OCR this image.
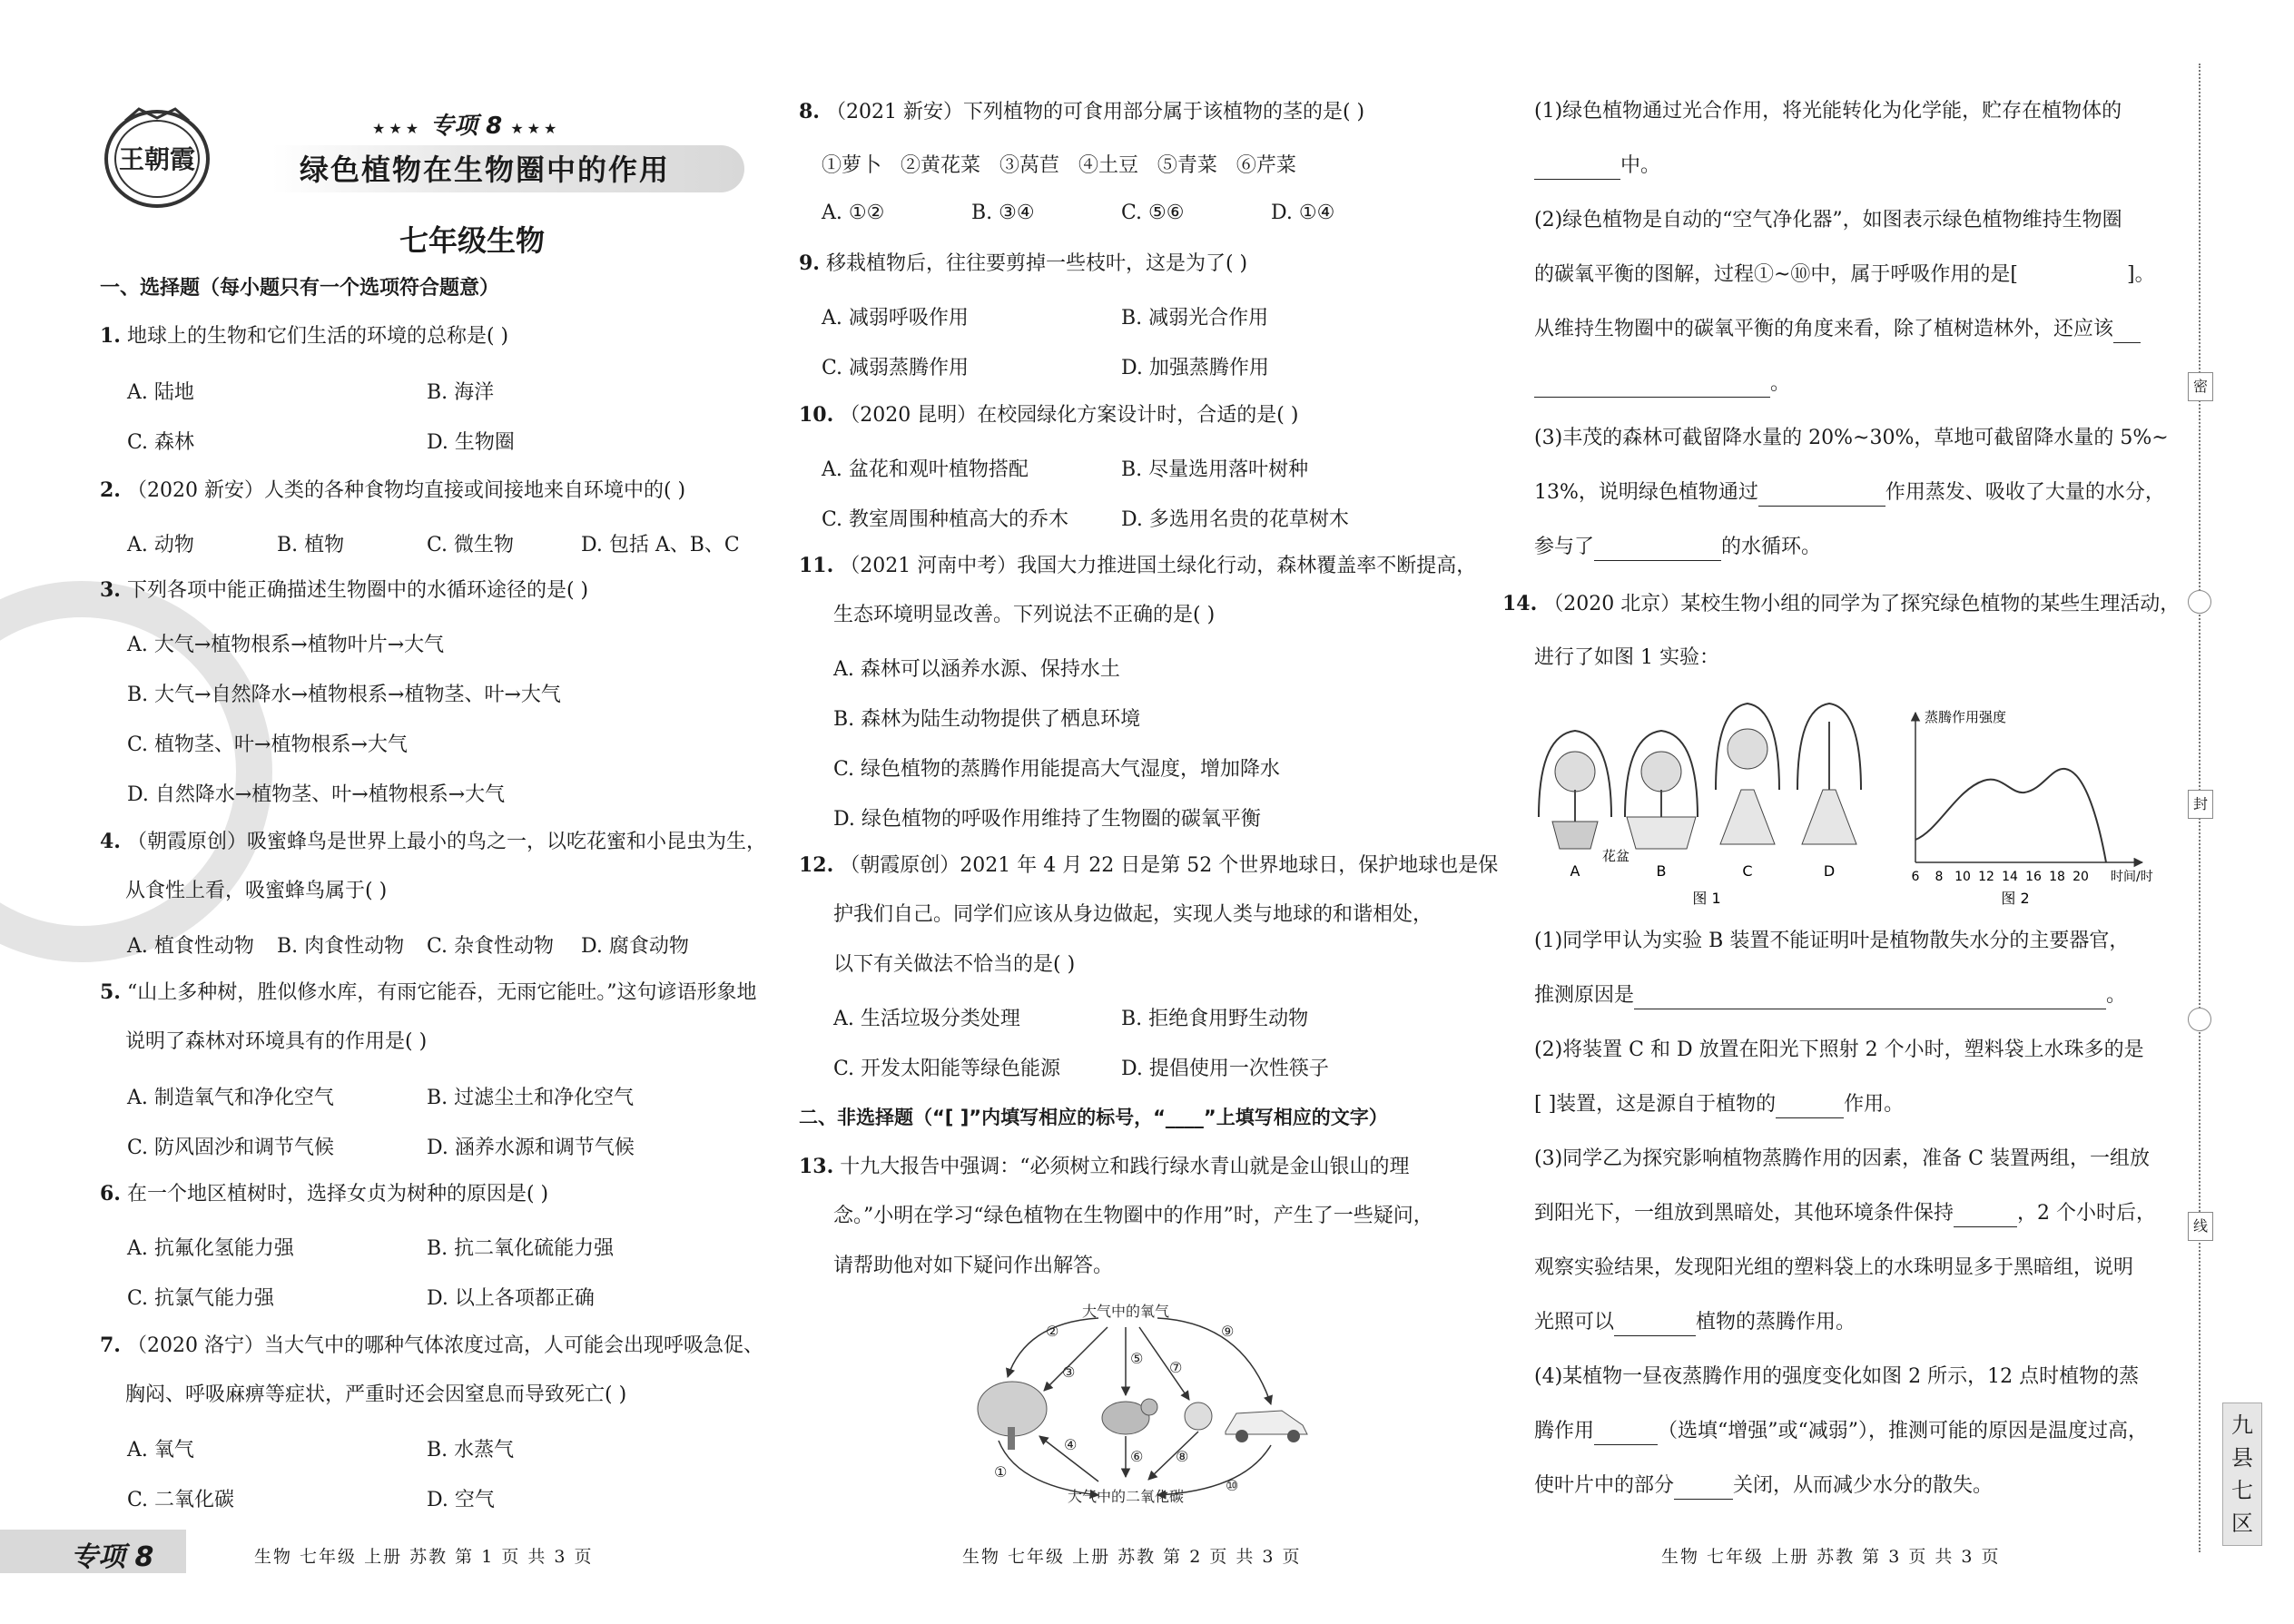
王朝霞
★★★ 专项 8 ★★★
绿色植物在生物圈中的作用
七年级生物
一、选择题（每小题只有一个选项符合题意）
1. 地球上的生物和它们生活的环境的总称是( )
A. 陆地	B. 海洋
C. 森林	D. 生物圈
2. （2020 新安）人类的各种食物均直接或间接地来自环境中的( )
A. 动物	B. 植物	C. 微生物	D. 包括 A、B、C
3. 下列各项中能正确描述生物圈中的水循环途径的是( )
A. 大气→植物根系→植物叶片→大气
B. 大气→自然降水→植物根系→植物茎、叶→大气
C. 植物茎、叶→植物根系→大气
D. 自然降水→植物茎、叶→植物根系→大气
4. （朝霞原创）吸蜜蜂鸟是世界上最小的鸟之一，以吃花蜜和小昆虫为生，
从食性上看，吸蜜蜂鸟属于( )
A. 植食性动物 B. 肉食性动物 C. 杂食性动物 D. 腐食动物
5. “山上多种树，胜似修水库，有雨它能吞，无雨它能吐。”这句谚语形象地
说明了森林对环境具有的作用是( )
A. 制造氧气和净化空气	B. 过滤尘土和净化空气
C. 防风固沙和调节气候	D. 涵养水源和调节气候
6. 在一个地区植树时，选择女贞为树种的原因是( )
A. 抗氟化氢能力强	B. 抗二氧化硫能力强
C. 抗氯气能力强	D. 以上各项都正确
7. （2020 洛宁）当大气中的哪种气体浓度过高，人可能会出现呼吸急促、
胸闷、呼吸麻痹等症状，严重时还会因窒息而导致死亡( )
A. 氧气	B. 水蒸气
C. 二氧化碳	D. 空气
8. （2021 新安）下列植物的可食用部分属于该植物的茎的是( )
①萝卜   ②黄花菜   ③莴苣   ④土豆   ⑤青菜   ⑥芹菜
A. ①②	B. ③④	C. ⑤⑥	D. ①④
9. 移栽植物后，往往要剪掉一些枝叶，这是为了( )
A. 减弱呼吸作用	B. 减弱光合作用
C. 减弱蒸腾作用	D. 加强蒸腾作用
10. （2020 昆明）在校园绿化方案设计时，合适的是( )
A. 盆花和观叶植物搭配	B. 尽量选用落叶树种
C. 教室周围种植高大的乔木	D. 多选用名贵的花草树木
11. （2021 河南中考）我国大力推进国土绿化行动，森林覆盖率不断提高，
生态环境明显改善。下列说法不正确的是( )
A. 森林可以涵养水源、保持水土
B. 森林为陆生动物提供了栖息环境
C. 绿色植物的蒸腾作用能提高大气湿度，增加降水
D. 绿色植物的呼吸作用维持了生物圈的碳氧平衡
12. （朝霞原创）2021 年 4 月 22 日是第 52 个世界地球日，保护地球也是保
护我们自己。同学们应该从身边做起，实现人类与地球的和谐相处，
以下有关做法不恰当的是( )
A. 生活垃圾分类处理	B. 拒绝食用野生动物
C. 开发太阳能等绿色能源	D. 提倡使用一次性筷子
二、非选择题（“[ ]”内填写相应的标号，“____”上填写相应的文字）
13. 十九大报告中强调：“必须树立和践行绿水青山就是金山银山的理
念。”小明在学习“绿色植物在生物圈中的作用”时，产生了一些疑问，
请帮助他对如下疑问作出解答。
大气中的氧气
大气中的二氧化碳
②
③
⑤
⑦
⑨
①
④
⑥ ⑧
⑩
(1)绿色植物通过光合作用，将光能转化为化学能，贮存在植物体的
中。
(2)绿色植物是自动的“空气净化器”，如图表示绿色植物维持生物圈
的碳氧平衡的图解，过程①~⑩中，属于呼吸作用的是[	]。
从维持生物圈中的碳氧平衡的角度来看，除了植树造林外，还应该
。
(3)丰茂的森林可截留降水量的 20%~30%，草地可截留降水量的 5%~
13%，说明绿色植物通过	作用蒸发、吸收了大量的水分，
参与了	的水循环。
14. （2020 北京）某校生物小组的同学为了探究绿色植物的某些生理活动，
进行了如图 1 实验：
A
花盆
B	C	D
图 1
蒸腾作用强度
6 8 10 12 14 16 18 20 时间/时
图 2
(1)同学甲认为实验 B 装置不能证明叶是植物散失水分的主要器官，
推测原因是	。
(2)将装置 C 和 D 放置在阳光下照射 2 个小时，塑料袋上水珠多的是
[ ]装置，这是源自于植物的	作用。
(3)同学乙为探究影响植物蒸腾作用的因素，准备 C 装置两组，一组放
到阳光下，一组放到黑暗处，其他环境条件保持	，2 个小时后，
观察实验结果，发现阳光组的塑料袋上的水珠明显多于黑暗组，说明
光照可以	植物的蒸腾作用。
(4)某植物一昼夜蒸腾作用的强度变化如图 2 所示，12 点时植物的蒸
腾作用	（选填“增强”或“减弱”），推测可能的原因是温度过高，
使叶片中的部分	关闭，从而减少水分的散失。
专项 8	生物 七年级 上册 苏教 第 1 页 共 3 页	生物 七年级 上册 苏教 第 2 页 共 3 页	生物 七年级 上册 苏教 第 3 页 共 3 页
密
封
线
九县七区
